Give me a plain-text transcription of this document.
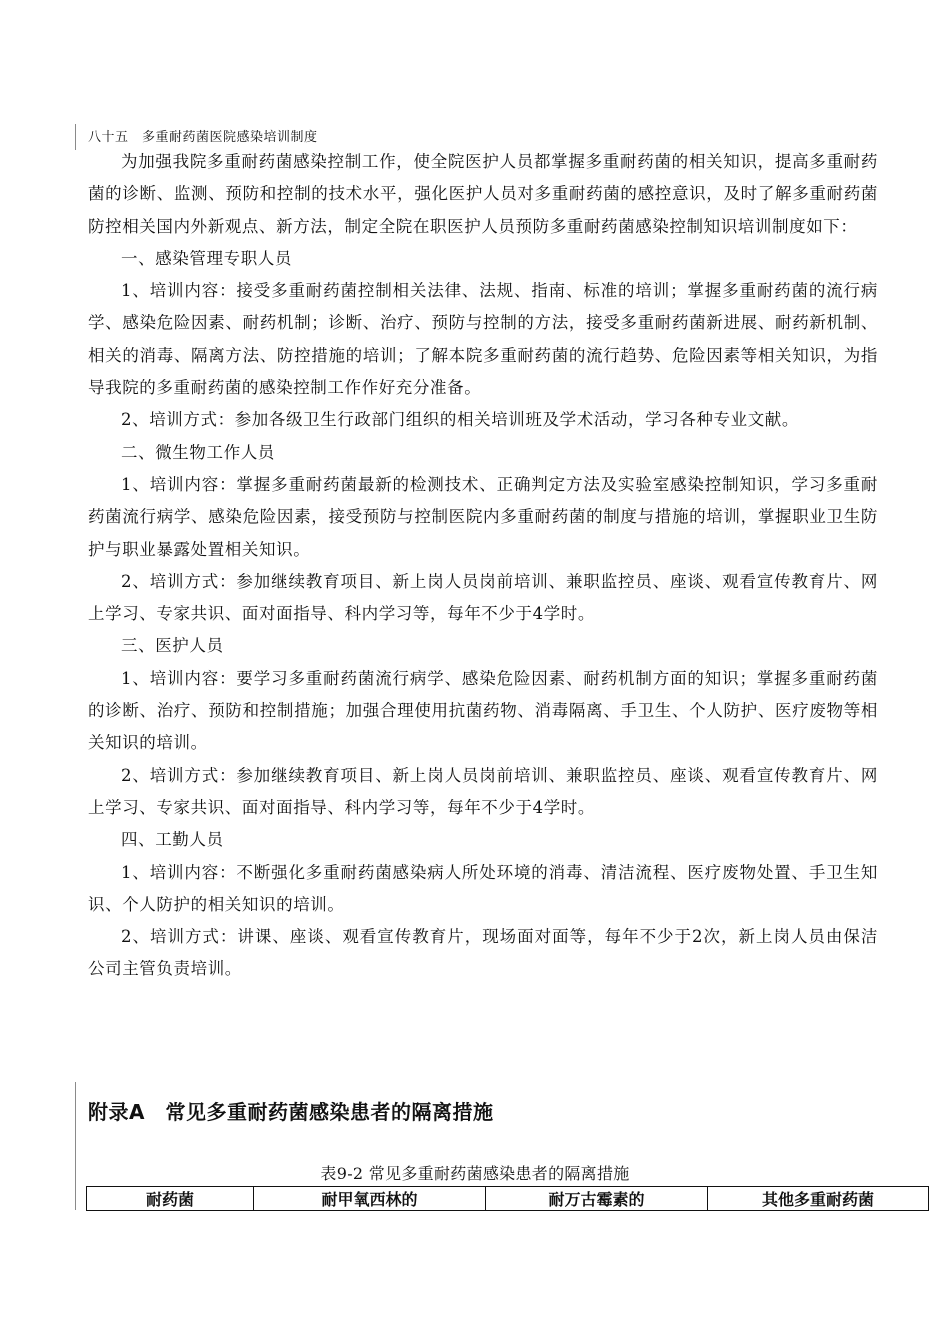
八十五　多重耐药菌医院感染培训制度

为加强我院多重耐药菌感染控制工作，使全院医护人员都掌握多重耐药菌的相关知识，提高多重耐药菌的诊断、监测、预防和控制的技术水平，强化医护人员对多重耐药菌的感控意识，及时了解多重耐药菌防控相关国内外新观点、新方法，制定全院在职医护人员预防多重耐药菌感染控制知识培训制度如下：

一、感染管理专职人员

1、培训内容：接受多重耐药菌控制相关法律、法规、指南、标准的培训；掌握多重耐药菌的流行病学、感染危险因素、耐药机制；诊断、治疗、预防与控制的方法，接受多重耐药菌新进展、耐药新机制、相关的消毒、隔离方法、防控措施的培训；了解本院多重耐药菌的流行趋势、危险因素等相关知识，为指导我院的多重耐药菌的感染控制工作作好充分准备。

2、培训方式：参加各级卫生行政部门组织的相关培训班及学术活动，学习各种专业文献。

二、微生物工作人员

1、培训内容：掌握多重耐药菌最新的检测技术、正确判定方法及实验室感染控制知识，学习多重耐药菌流行病学、感染危险因素，接受预防与控制医院内多重耐药菌的制度与措施的培训，掌握职业卫生防护与职业暴露处置相关知识。

2、培训方式：参加继续教育项目、新上岗人员岗前培训、兼职监控员、座谈、观看宣传教育片、网上学习、专家共识、面对面指导、科内学习等，每年不少于4学时。

三、医护人员

1、培训内容：要学习多重耐药菌流行病学、感染危险因素、耐药机制方面的知识；掌握多重耐药菌的诊断、治疗、预防和控制措施；加强合理使用抗菌药物、消毒隔离、手卫生、个人防护、医疗废物等相关知识的培训。

2、培训方式：参加继续教育项目、新上岗人员岗前培训、兼职监控员、座谈、观看宣传教育片、网上学习、专家共识、面对面指导、科内学习等，每年不少于4学时。

四、工勤人员

1、培训内容：不断强化多重耐药菌感染病人所处环境的消毒、清洁流程、医疗废物处置、手卫生知识、个人防护的相关知识的培训。

2、培训方式：讲课、座谈、观看宣传教育片，现场面对面等，每年不少于2次，新上岗人员由保洁公司主管负责培训。

附录A　常见多重耐药菌感染患者的隔离措施
表9-2 常见多重耐药菌感染患者的隔离措施
耐药菌	耐甲氧西林的	耐万古霉素的	其他多重耐药菌
